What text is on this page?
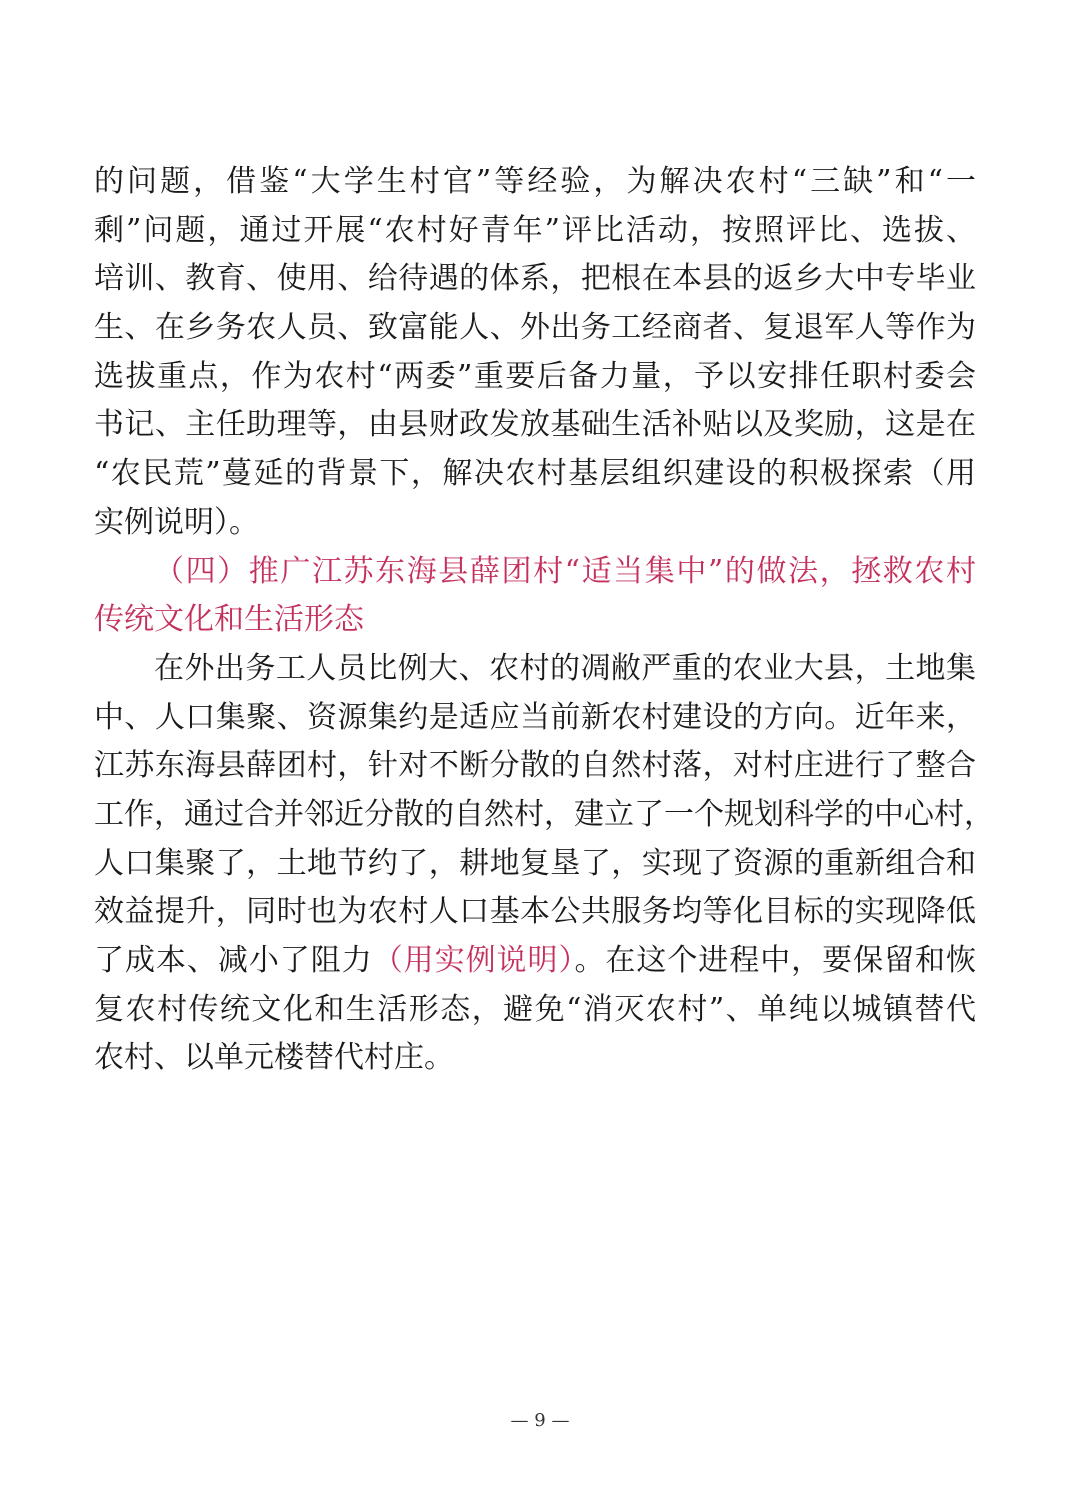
的问题，借鉴“大学生村官”等经验，为解决农村“三缺”和“一
剩”问题，通过开展“农村好青年”评比活动，按照评比、选拔、
培训、教育、使用、给待遇的体系，把根在本县的返乡大中专毕业
生、在乡务农人员、致富能人、外出务工经商者、复退军人等作为
选拔重点，作为农村“两委”重要后备力量，予以安排任职村委会
书记、主任助理等，由县财政发放基础生活补贴以及奖励，这是在
“农民荒”蔓延的背景下，解决农村基层组织建设的积极探索（用
实例说明）。
（四）推广江苏东海县薛团村“适当集中”的做法，拯救农村
传统文化和生活形态
在外出务工人员比例大、农村的凋敝严重的农业大县，土地集
中、人口集聚、资源集约是适应当前新农村建设的方向。近年来，
江苏东海县薛团村，针对不断分散的自然村落，对村庄进行了整合
工作，通过合并邻近分散的自然村，建立了一个规划科学的中心村，
人口集聚了，土地节约了，耕地复垦了，实现了资源的重新组合和
效益提升，同时也为农村人口基本公共服务均等化目标的实现降低
了成本、减小了阻力（用实例说明）。在这个进程中，要保留和恢
复农村传统文化和生活形态，避免“消灭农村”、单纯以城镇替代
农村、以单元楼替代村庄。
— 9 —
